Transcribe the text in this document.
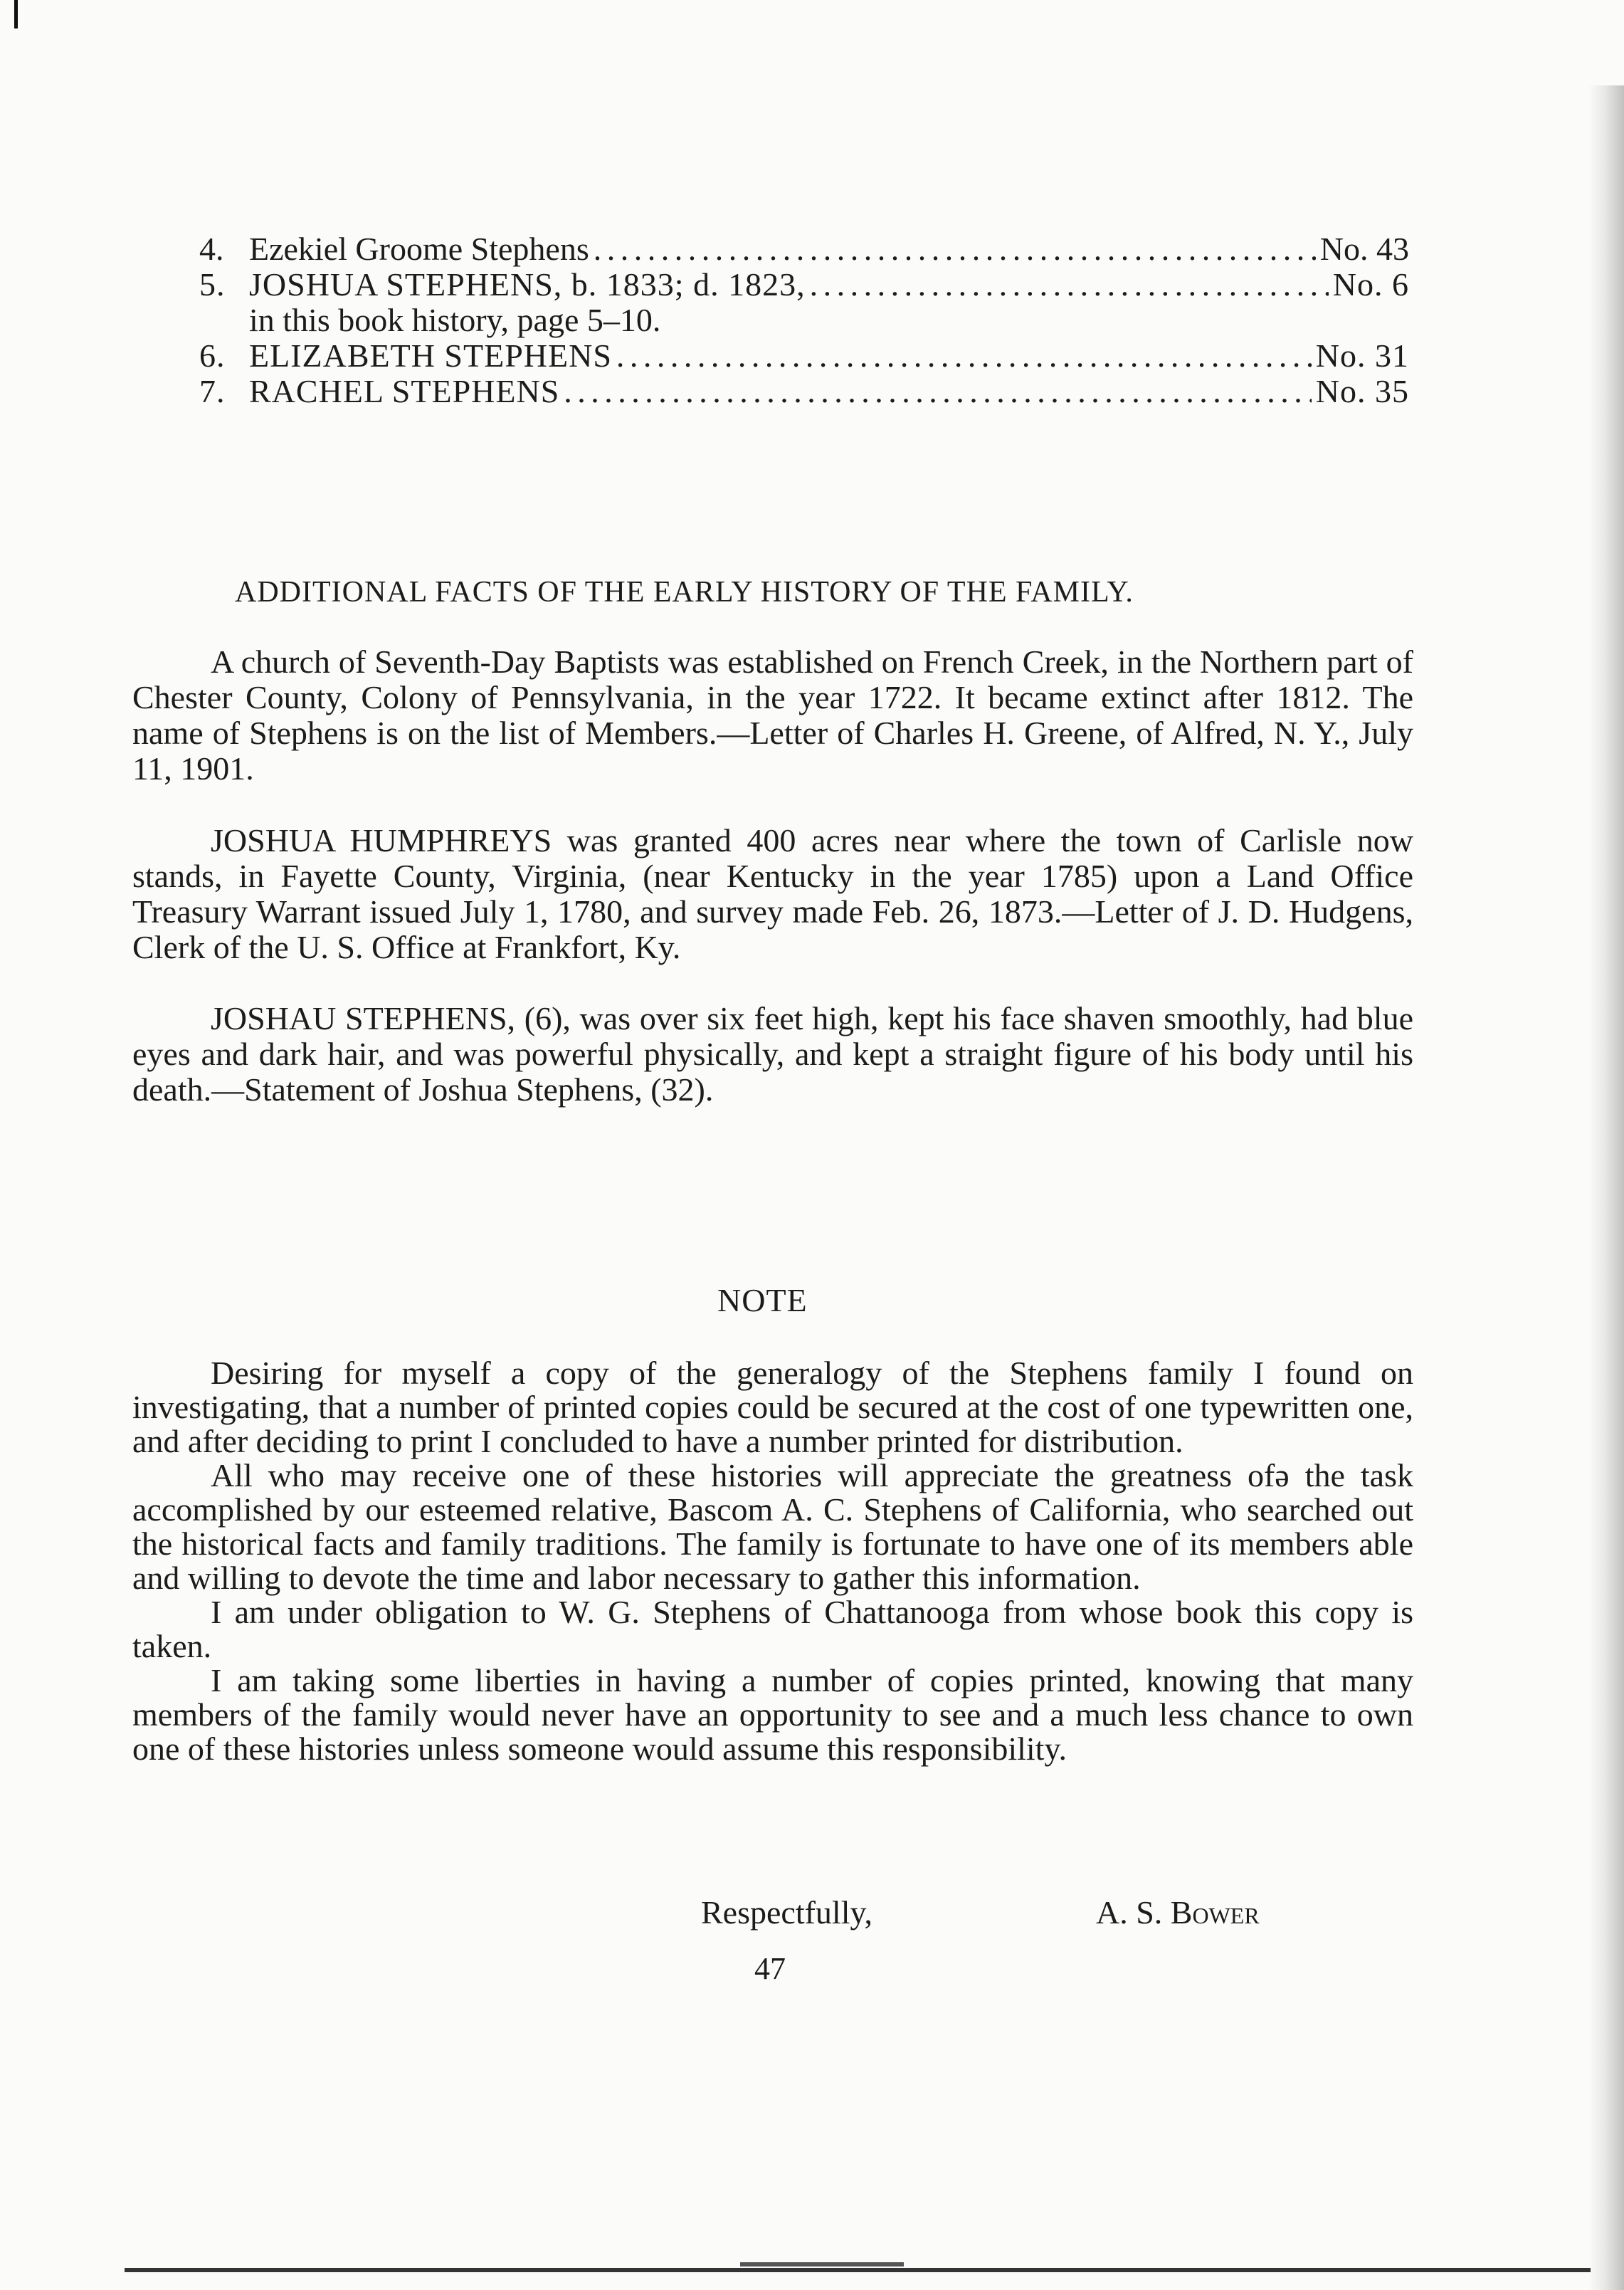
4. Ezekiel Groome Stephens . . .	No. 43
5. JOSHUA STEPHENS, b. 1833; d. 1823, . . .	No. 6
in this book history, page 5–10.
6. ELIZABETH STEPHENS . . .	No. 31
7. RACHEL STEPHENS . . .	No. 35
ADDITIONAL FACTS OF THE EARLY HISTORY OF THE FAMILY.

A church of Seventh-Day Baptists was established on French Creek, in the Northern part of Chester County, Colony of Pennsylvania, in the year 1722. It became extinct after 1812. The name of Stephens is on the list of Members.—Letter of Charles H. Greene, of Alfred, N. Y., July 11, 1901.

JOSHUA HUMPHREYS was granted 400 acres near where the town of Carlisle now stands, in Fayette County, Virginia, (near Kentucky in the year 1785) upon a Land Office Treasury Warrant issued July 1, 1780, and survey made Feb. 26, 1873.—Letter of J. D. Hudgens, Clerk of the U. S. Office at Frankfort, Ky.

JOSHAU STEPHENS, (6), was over six feet high, kept his face shaven smoothly, had blue eyes and dark hair, and was powerful physically, and kept a straight figure of his body until his death.—Statement of Joshua Stephens, (32).

NOTE

Desiring for myself a copy of the generalogy of the Stephens family I found on investigating, that a number of printed copies could be secured at the cost of one typewritten one, and after deciding to print I concluded to have a number printed for distribution.

All who may receive one of these histories will appreciate the greatness ofə the task accomplished by our esteemed relative, Bascom A. C. Stephens of California, who searched out the historical facts and family traditions. The family is fortunate to have one of its members able and willing to devote the time and labor necessary to gather this information.

I am under obligation to W. G. Stephens of Chattanooga from whose book this copy is taken.

I am taking some liberties in having a number of copies printed, knowing that many members of the family would never have an opportunity to see and a much less chance to own one of these histories unless someone would assume this responsibility.

Respectfully,	A. S. Bower
47
